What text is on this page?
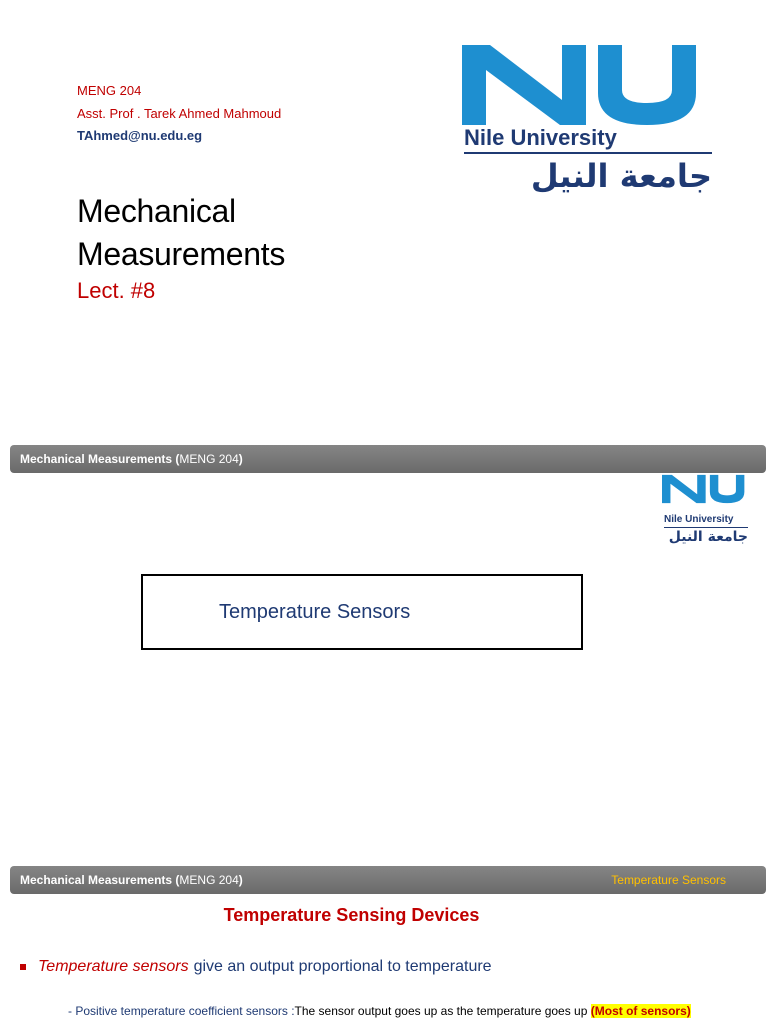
MENG 204
Asst. Prof . Tarek Ahmed Mahmoud
TAhmed@nu.edu.eg
Mechanical
Measurements
Lect. #8
Nile University
جامعة النيل
Mechanical Measurements ( MENG 204 )
Nile University
جامعة النيل
Temperature Sensors
Mechanical Measurements ( MENG 204 )	Temperature Sensors
Temperature Sensing Devices
Temperature sensors give an output proportional to temperature
- Positive temperature coefficient sensors :The sensor output goes up as the temperature goes up (Most of sensors)
